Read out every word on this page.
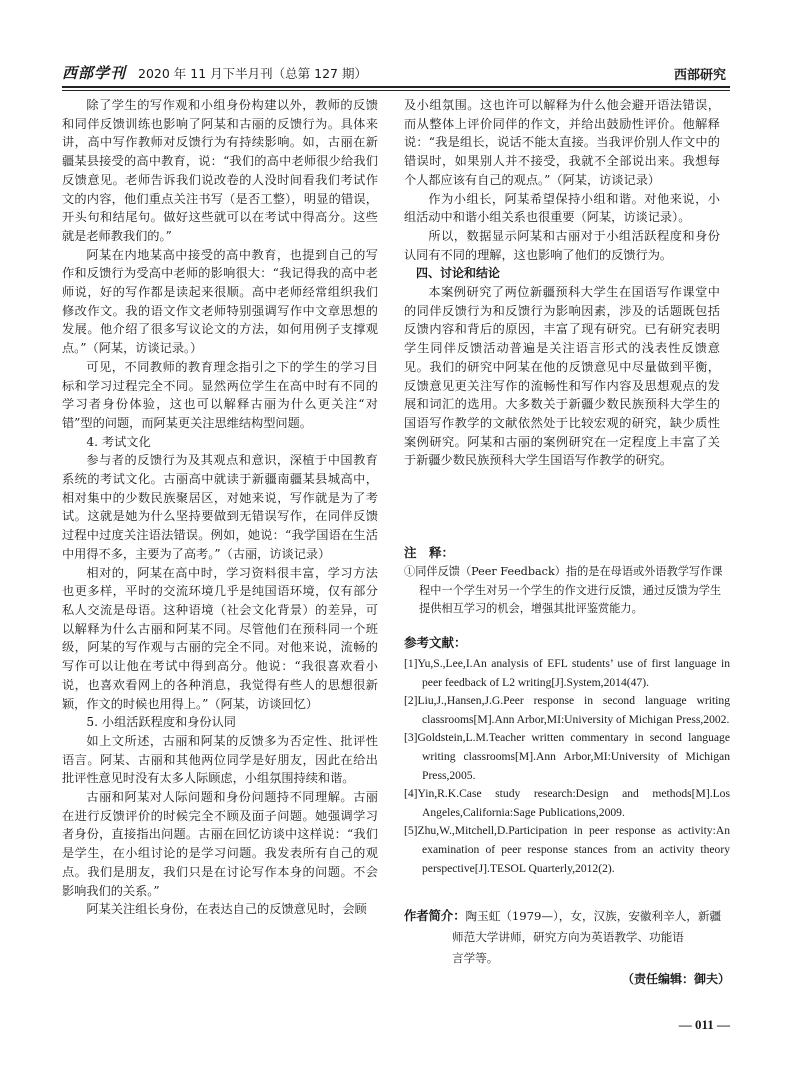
西部学刊 2020 年 11 月下半月刊（总第 127 期）	西部研究

除了学生的写作观和小组身份构建以外，教师的反馈和同伴反馈训练也影响了阿某和古丽的反馈行为。具体来讲，高中写作教师对反馈行为有持续影响。如，古丽在新疆某县接受的高中教育，说：“我们的高中老师很少给我们反馈意见。老师告诉我们说改卷的人没时间看我们考试作文的内容，他们重点关注书写（是否工整），明显的错误，开头句和结尾句。做好这些就可以在考试中得高分。这些就是老师教我们的。”

阿某在内地某高中接受的高中教育，也提到自己的写作和反馈行为受高中老师的影响很大：“我记得我的高中老师说，好的写作都是读起来很顺。高中老师经常组织我们修改作文。我的语文作文老师特别强调写作中文章思想的发展。他介绍了很多写议论文的方法，如何用例子支撑观点。”（阿某，访谈记录。）

可见，不同教师的教育理念指引之下的学生的学习目标和学习过程完全不同。显然两位学生在高中时有不同的学习者身份体验，这也可以解释古丽为什么更关注“对错”型的问题，而阿某更关注思维结构型问题。

4. 考试文化

参与者的反馈行为及其观点和意识，深植于中国教育系统的考试文化。古丽高中就读于新疆南疆某县城高中，相对集中的少数民族聚居区，对她来说，写作就是为了考试。这就是她为什么坚持要做到无错误写作，在同伴反馈过程中过度关注语法错误。例如，她说：“我学国语在生活中用得不多，主要为了高考。”（古丽，访谈记录）

相对的，阿某在高中时，学习资料很丰富，学习方法也更多样，平时的交流环境几乎是纯国语环境，仅有部分私人交流是母语。这种语境（社会文化背景）的差异，可以解释为什么古丽和阿某不同。尽管他们在预科同一个班级，阿某的写作观与古丽的完全不同。对他来说，流畅的写作可以让他在考试中得到高分。他说：“我很喜欢看小说，也喜欢看网上的各种消息，我觉得有些人的思想很新颖，作文的时候也用得上。”（阿某，访谈回忆）

5. 小组活跃程度和身份认同

如上文所述，古丽和阿某的反馈多为否定性、批评性语言。阿某、古丽和其他两位同学是好朋友，因此在给出批评性意见时没有太多人际顾虑，小组氛围持续和谐。

古丽和阿某对人际问题和身份问题持不同理解。古丽在进行反馈评价的时候完全不顾及面子问题。她强调学习者身份，直接指出问题。古丽在回忆访谈中这样说：“我们是学生，在小组讨论的是学习问题。我发表所有自己的观点。我们是朋友，我们只是在讨论写作本身的问题。不会影响我们的关系。”

阿某关注组长身份，在表达自己的反馈意见时，会顾

及小组氛围。这也许可以解释为什么他会避开语法错误，而从整体上评价同伴的作文，并给出鼓励性评价。他解释说：“我是组长，说话不能太直接。当我评价别人作文中的错误时，如果别人并不接受，我就不全部说出来。我想每个人都应该有自己的观点。”（阿某，访谈记录）

作为小组长，阿某希望保持小组和谐。对他来说，小组活动中和谐小组关系也很重要（阿某，访谈记录）。

所以，数据显示阿某和古丽对于小组活跃程度和身份认同有不同的理解，这也影响了他们的反馈行为。

四、讨论和结论

本案例研究了两位新疆预科大学生在国语写作课堂中的同伴反馈行为和反馈行为影响因素，涉及的话题既包括反馈内容和背后的原因，丰富了现有研究。已有研究表明学生同伴反馈活动普遍是关注语言形式的浅表性反馈意见。我们的研究中阿某在他的反馈意见中尽量做到平衡，反馈意见更关注写作的流畅性和写作内容及思想观点的发展和词汇的选用。大多数关于新疆少数民族预科大学生的国语写作教学的文献依然处于比较宏观的研究，缺少质性案例研究。阿某和古丽的案例研究在一定程度上丰富了关于新疆少数民族预科大学生国语写作教学的研究。

注　释：
①同伴反馈（Peer Feedback）指的是在母语或外语教学写作课程中一个学生对另一个学生的作文进行反馈，通过反馈为学生提供相互学习的机会，增强其批评鉴赏能力。
参考文献：

[1]Yu,S.,Lee,I.An analysis of EFL students’ use of first language in peer feedback of L2 writing[J].System,2014(47).

[2]Liu,J.,Hansen,J.G.Peer response in second language writing classrooms[M].Ann Arbor,MI:University of Michigan Press,2002.

[3]Goldstein,L.M.Teacher written commentary in second language writing classrooms[M].Ann Arbor,MI:University of Michigan Press,2005.

[4]Yin,R.K.Case study research:Design and methods[M].Los Angeles,California:Sage Publications,2009.

[5]Zhu,W.,Mitchell,D.Participation in peer response as activity:An examination of peer response stances from an activity theory perspective[J].TESOL Quarterly,2012(2).

作者简介：陶玉虹（1979—），女，汉族，安徽利辛人，新疆
师范大学讲师，研究方向为英语教学、功能语
言学等。
（责任编辑：御夫）
— 011 —
